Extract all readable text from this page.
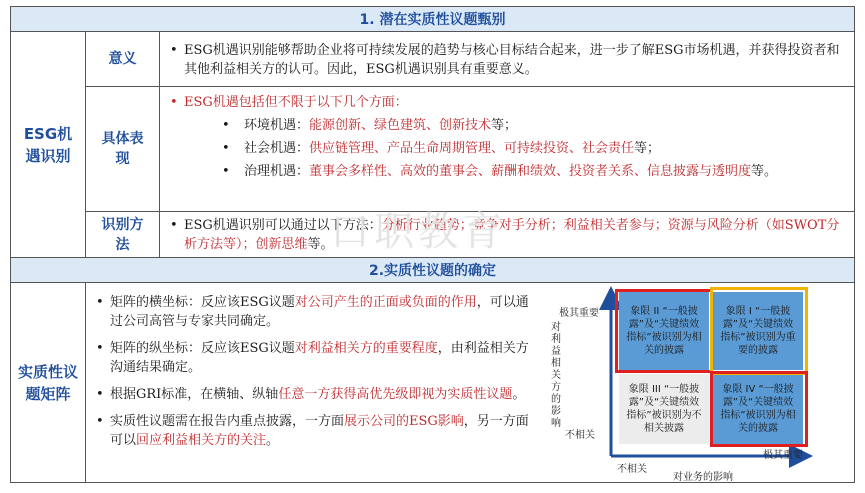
1. 潜在实质性议题甄别
ESG机遇识别
意义
• ESG机遇识别能够帮助企业将可持续发展的趋势与核心目标结合起来，进一步了解ESG市场机遇，并获得投资者和其他利益相关方的认可。因此，ESG机遇识别具有重要意义。
具体表现
• ESG机遇包括但不限于以下几个方面：
• 环境机遇：能源创新、绿色建筑、创新技术等；
• 社会机遇：供应链管理、产品生命周期管理、可持续投资、社会责任等；
• 治理机遇：董事会多样性、高效的董事会、薪酬和绩效、投资者关系、信息披露与透明度等。
识别方法
• ESG机遇识别可以通过以下方法：分析行业趋势；竞争对手分析；利益相关者参与；资源与风险分析（如SWOT分析方法等）；创新思维等。
口职教育
2.实质性议题的确定
实质性议题矩阵
• 矩阵的横坐标：反应该ESG议题对公司产生的正面或负面的作用，可以通过公司高管与专家共同确定。
• 矩阵的纵坐标：反应该ESG议题对利益相关方的重要程度，由利益相关方沟通结果确定。
• 根据GRI标准，在横轴、纵轴任意一方获得高优先级即视为实质性议题。
• 实质性议题需在报告内重点披露，一方面展示公司的ESG影响，另一方面可以回应利益相关方的关注。
极其重要
不相关
对利益相关方的影响
不相关
极其重要
对业务的影响
象限 II “一般披露”及“关键绩效指标”被识别为相关的披露
象限 I “一般披露”及“关键绩效指标”被识别为重要的披露
象限 III “一般披露”及“关键绩效指标”被识别为不相关披露
象限 IV “一般披露”及“关键绩效指标”被识别为相关的披露
